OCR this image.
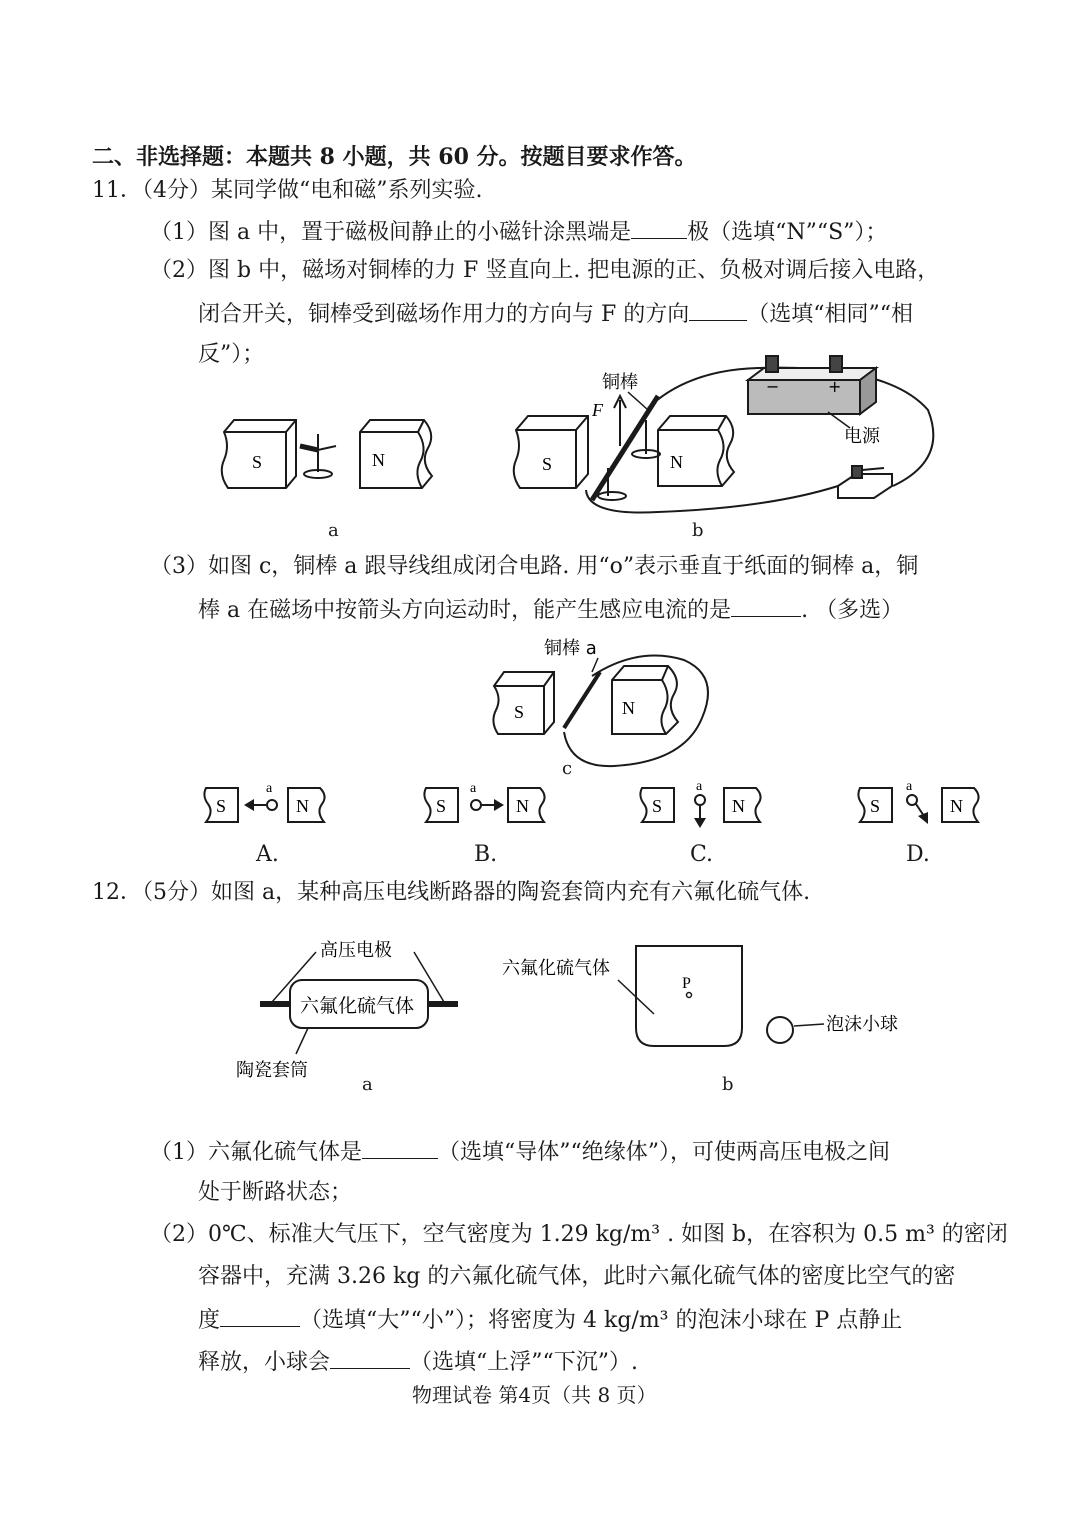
二、非选择题：本题共 8 小题，共 60 分。按题目要求作答。
11．（4分）某同学做“电和磁”系列实验.
（1）图 a 中，置于磁极间静止的小磁针涂黑端是	极（选填“N”“S”）；
（2）图 b 中，磁场对铜棒的力 F 竖直向上. 把电源的正、负极对调后接入电路，
闭合开关，铜棒受到磁场作用力的方向与 F 的方向	（选填“相同”“相
反”）；
S	N
a
S	N
F
铜棒	−	+
电源
b
（3）如图 c，铜棒 a 跟导线组成闭合电路. 用“o”表示垂直于纸面的铜棒 a，铜
棒 a 在磁场中按箭头方向运动时，能产生感应电流的是	. （多选）
铜棒 a
S	N
c
S
a
N
A.
S
a
N
B.
S
a
N
C.
S
a
N
D.
12．（5分）如图 a，某种高压电线断路器的陶瓷套筒内充有六氟化硫气体.
高压电极
六氟化硫气体
陶瓷套筒
a
六氟化硫气体
P
泡沫小球
b
（1）六氟化硫气体是	（选填“导体”“绝缘体”），可使两高压电极之间
处于断路状态；
（2）0℃、标准大气压下，空气密度为 1.29 kg/m³ . 如图 b，在容积为 0.5 m³ 的密闭
容器中，充满 3.26 kg 的六氟化硫气体，此时六氟化硫气体的密度比空气的密
度	（选填“大”“小”）；将密度为 4 kg/m³ 的泡沫小球在 P 点静止
释放，小球会	（选填“上浮”“下沉”）.
物理试卷 第4页（共 8 页）
